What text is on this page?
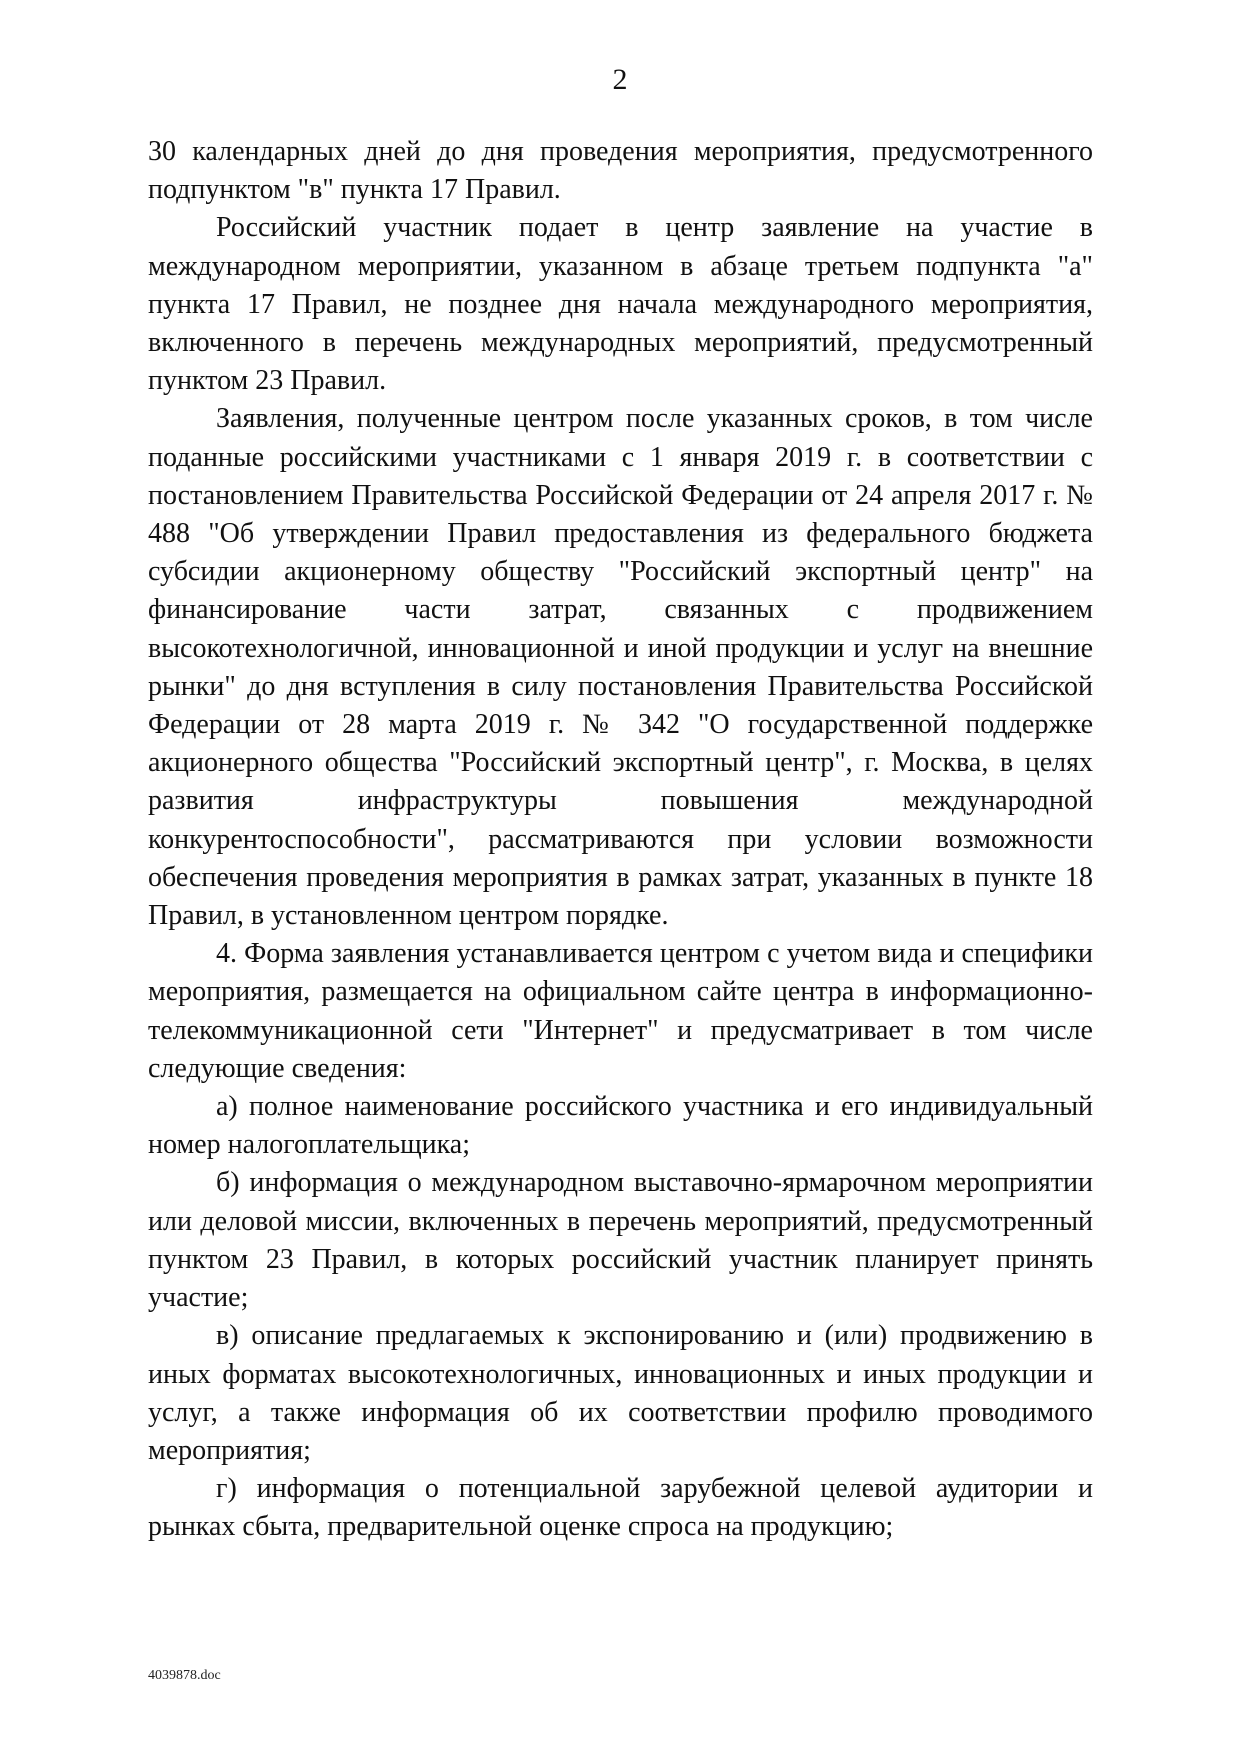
2

30 календарных дней до дня проведения мероприятия, предусмотренного подпунктом "в" пункта 17 Правил.

Российский участник подает в центр заявление на участие в международном мероприятии, указанном в абзаце третьем подпункта "а" пункта 17 Правил, не позднее дня начала международного мероприятия, включенного в перечень международных мероприятий, предусмотренный пунктом 23 Правил.

Заявления, полученные центром после указанных сроков, в том числе поданные российскими участниками с 1 января 2019 г. в соответствии с постановлением Правительства Российской Федерации от 24 апреля 2017 г. № 488 "Об утверждении Правил предоставления из федерального бюджета субсидии акционерному обществу "Российский экспортный центр" на финансирование части затрат, связанных с продвижением высокотехнологичной, инновационной и иной продукции и услуг на внешние рынки" до дня вступления в силу постановления Правительства Российской Федерации от 28 марта 2019 г. № 342 "О государственной поддержке акционерного общества "Российский экспортный центр", г. Москва, в целях развития инфраструктуры повышения международной конкурентоспособности", рассматриваются при условии возможности обеспечения проведения мероприятия в рамках затрат, указанных в пункте 18 Правил, в установленном центром порядке.

4. Форма заявления устанавливается центром с учетом вида и специфики мероприятия, размещается на официальном сайте центра в информационно-телекоммуникационной сети "Интернет" и предусматривает в том числе следующие сведения:

а) полное наименование российского участника и его индивидуальный номер налогоплательщика;

б) информация о международном выставочно-ярмарочном мероприятии или деловой миссии, включенных в перечень мероприятий, предусмотренный пунктом 23 Правил, в которых российский участник планирует принять участие;

в) описание предлагаемых к экспонированию и (или) продвижению в иных форматах высокотехнологичных, инновационных и иных продукции и услуг, а также информация об их соответствии профилю проводимого мероприятия;

г) информация о потенциальной зарубежной целевой аудитории и рынках сбыта, предварительной оценке спроса на продукцию;

4039878.doc
